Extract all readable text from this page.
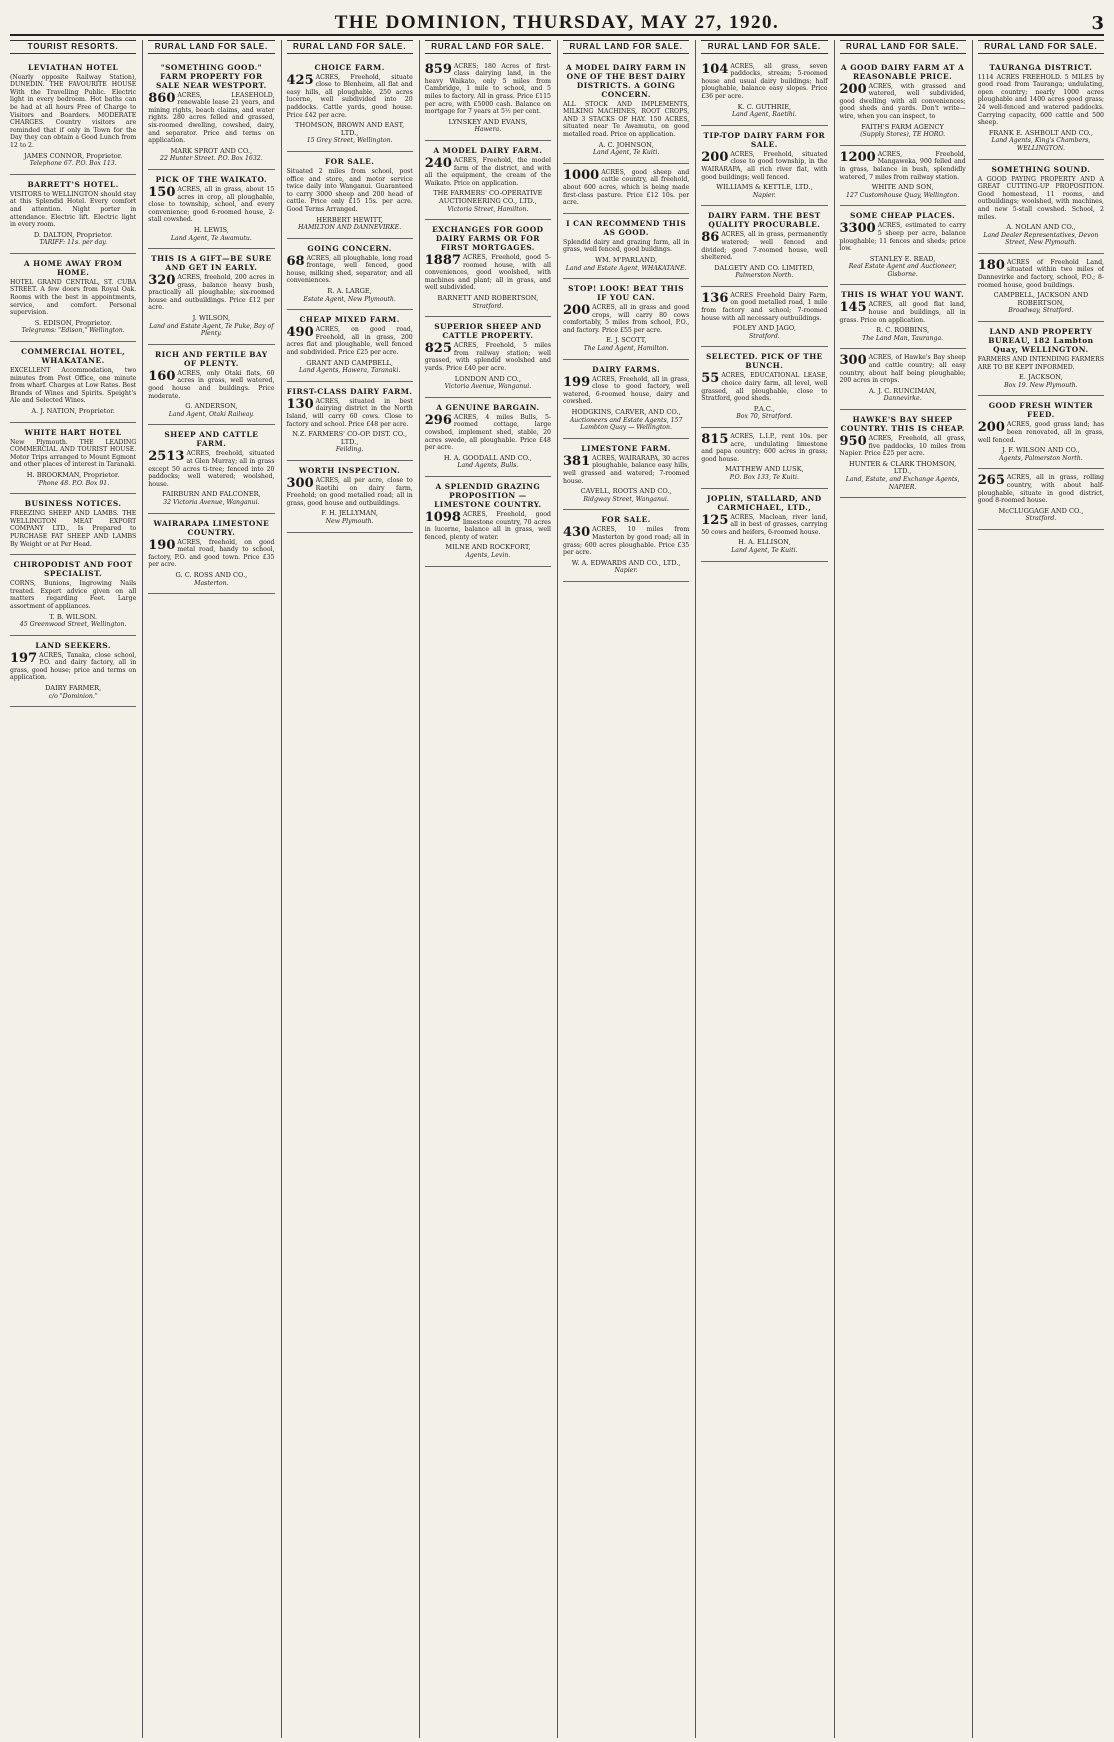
THE DOMINION, THURSDAY, MAY 27, 1920.	3
TOURIST RESORTS.
LEVIATHAN HOTEL
(Nearly opposite Railway Station), DUNEDIN. THE FAVOURITE HOUSE With the Travelling Public. Electric light in every bedroom. Hot baths can be had at all hours Free of Charge to Visitors and Boarders. MODERATE CHARGES. Country visitors are reminded that if only in Town for the Day they can obtain a Good Lunch from 12 to 2.
JAMES CONNOR, Proprietor.
Telephone 67. P.O. Box 113.
BARRETT'S HOTEL.
VISITORS to WELLINGTON should stay at this Splendid Hotel. Every comfort and attention. Night porter in attendance. Electric lift. Electric light in every room.
D. DALTON, Proprietor.
TARIFF: 11s. per day.
A HOME AWAY FROM HOME.
HOTEL GRAND CENTRAL, ST. CUBA STREET. A few doors from Royal Oak. Rooms with the best in appointments, service, and comfort. Personal supervision.
S. EDISON, Proprietor.
Telegrams: "Edison," Wellington.
COMMERCIAL HOTEL, WHAKATANE.
EXCELLENT Accommodation, two minutes from Post Office, one minute from wharf. Charges at Low Rates. Best Brands of Wines and Spirits. Speight's Ale and Selected Wines.
A. J. NATION, Proprietor.
WHITE HART HOTEL
New Plymouth. THE LEADING COMMERCIAL AND TOURIST HOUSE. Motor Trips arranged to Mount Egmont and other places of interest in Taranaki.
H. BROOKMAN, Proprietor.
'Phone 48. P.O. Box 91.
BUSINESS NOTICES.
FREEZING SHEEP AND LAMBS. THE WELLINGTON MEAT EXPORT COMPANY LTD., Is Prepared to PURCHASE FAT SHEEP AND LAMBS By Weight or at Per Head.
CHIROPODIST AND FOOT SPECIALIST.
CORNS, Bunions, Ingrowing Nails treated. Expert advice given on all matters regarding Feet. Large assortment of appliances.
T. B. WILSON.
45 Greenwood Street, Wellington.
LAND SEEKERS.
197 ACRES, Tanaka, close school, P.O. and dairy factory, all in grass, good house; price and terms on application.
DAIRY FARMER,
c/o "Dominion."
RURAL LAND FOR SALE.
"SOMETHING GOOD." FARM PROPERTY FOR SALE NEAR WESTPORT.
860 ACRES, LEASEHOLD, renewable lease 21 years, and mining rights, beach claims, and water rights. 280 acres felled and grassed, six-roomed dwelling, cowshed, dairy, and separator. Price and terms on application.
MARK SPROT AND CO.,
22 Hunter Street. P.O. Box 1632.
PICK OF THE WAIKATO.
150 ACRES, all in grass, about 15 acres in crop, all ploughable, close to township, school, and every convenience; good 6-roomed house, 2-stall cowshed.
H. LEWIS,
Land Agent, Te Awamutu.
THIS IS A GIFT—BE SURE AND GET IN EARLY.
320 ACRES, freehold, 200 acres in grass, balance heavy bush, practically all ploughable; six-roomed house and outbuildings. Price £12 per acre.
J. WILSON,
Land and Estate Agent, Te Puke, Bay of Plenty.
RICH AND FERTILE BAY OF PLENTY.
160 ACRES, only Otaki flats, 60 acres in grass, well watered, good house and buildings. Price moderate.
G. ANDERSON,
Land Agent, Otaki Railway.
SHEEP AND CATTLE FARM.
2513 ACRES, freehold, situated at Glen Murray; all in grass except 50 acres ti-tree; fenced into 20 paddocks; well watered; woolshed, house.
FAIRBURN AND FALCONER,
32 Victoria Avenue, Wanganui.
WAIRARAPA LIMESTONE COUNTRY.
190 ACRES, freehold, on good metal road, handy to school, factory, P.O. and good town. Price £35 per acre.
G. C. ROSS AND CO.,
Masterton.
RURAL LAND FOR SALE.
CHOICE FARM.
425 ACRES, Freehold, situate close to Blenheim, all flat and easy hills, all ploughable, 250 acres lucerne, well subdivided into 20 paddocks. Cattle yards, good house. Price £42 per acre.
THOMSON, BROWN AND EAST, LTD.,
15 Grey Street, Wellington.
FOR SALE.
Situated 2 miles from school, post office and store, and motor service twice daily into Wanganui. Guaranteed to carry 3000 sheep and 200 head of cattle. Price only £15 15s. per acre. Good Terms Arranged.
HERBERT HEWITT,
HAMILTON AND DANNEVIRKE.
GOING CONCERN.
68 ACRES, all ploughable, long road frontage, well fenced, good house, milking shed, separator, and all conveniences.
R. A. LARGE,
Estate Agent, New Plymouth.
CHEAP MIXED FARM.
490 ACRES, on good road, Freehold, all in grass, 200 acres flat and ploughable, well fenced and subdivided. Price £25 per acre.
GRANT AND CAMPBELL,
Land Agents, Hawera, Taranaki.
FIRST-CLASS DAIRY FARM.
130 ACRES, situated in best dairying district in the North Island, will carry 60 cows. Close to factory and school. Price £48 per acre.
N.Z. FARMERS' CO-OP. DIST. CO., LTD.,
Feilding.
WORTH INSPECTION.
300 ACRES, all per acre, close to Raetihi on dairy farm, Freehold; on good metalled road; all in grass, good house and outbuildings.
F. H. JELLYMAN,
New Plymouth.
RURAL LAND FOR SALE.
859 ACRES; 180 Acres of first-class dairying land, in the heavy Waikato, only 5 miles from Cambridge, 1 mile to school, and 5 miles to factory. All in grass. Price £115 per acre, with £5000 cash. Balance on mortgage for 7 years at 5½ per cent.
LYNSKEY AND EVANS,
Hawera.
A MODEL DAIRY FARM.
240 ACRES, Freehold, the model farm of the district, and with all the equipment, the cream of the Waikato. Price on application.
THE FARMERS' CO-OPERATIVE AUCTIONEERING CO., LTD.,
Victoria Street, Hamilton.
EXCHANGES FOR GOOD DAIRY FARMS OR FOR FIRST MORTGAGES.
1887 ACRES, Freehold, good 5-roomed house, with all conveniences, good woolshed, with machines and plant; all in grass, and well subdivided.
BARNETT AND ROBERTSON,
Stratford.
SUPERIOR SHEEP AND CATTLE PROPERTY.
825 ACRES, Freehold, 5 miles from railway station; well grassed, with splendid woolshed and yards. Price £40 per acre.
LONDON AND CO.,
Victoria Avenue, Wanganui.
A GENUINE BARGAIN.
296 ACRES, 4 miles Bulls, 5-roomed cottage, large cowshed, implement shed, stable, 20 acres swede, all ploughable. Price £48 per acre.
H. A. GOODALL AND CO.,
Land Agents, Bulls.
A SPLENDID GRAZING PROPOSITION —LIMESTONE COUNTRY.
1098 ACRES, Freehold, good limestone country, 70 acres in lucerne, balance all in grass, well fenced, plenty of water.
MILNE AND ROCKFORT,
Agents, Levin.
RURAL LAND FOR SALE.
A MODEL DAIRY FARM IN ONE OF THE BEST DAIRY DISTRICTS. A GOING CONCERN.
ALL STOCK AND IMPLEMENTS, MILKING MACHINES, ROOT CROPS, AND 3 STACKS OF HAY. 150 ACRES, situated near Te Awamutu, on good metalled road. Price on application.
A. C. JOHNSON,
Land Agent, Te Kuiti.
1000 ACRES, good sheep and cattle country, all freehold, about 600 acres, which is being made first-class pasture. Price £12 10s. per acre.
I CAN RECOMMEND THIS AS GOOD.
Splendid dairy and grazing farm, all in grass, well fenced, good buildings.
WM. M'PARLAND,
Land and Estate Agent, WHAKATANE.
STOP! LOOK! BEAT THIS IF YOU CAN.
200 ACRES, all in grass and good crops, will carry 80 cows comfortably, 5 miles from school, P.O., and factory. Price £55 per acre.
E. J. SCOTT,
The Land Agent, Hamilton.
DAIRY FARMS.
199 ACRES, Freehold, all in grass, close to good factory, well watered, 6-roomed house, dairy and cowshed.
HODGKINS, CARVER, AND CO.,
Auctioneers and Estate Agents, 157 Lambton Quay — Wellington.
LIMESTONE FARM.
381 ACRES, WAIRARAPA, 30 acres ploughable, balance easy hills, well grassed and watered; 7-roomed house.
CAVELL, ROOTS AND CO.,
Ridgway Street, Wanganui.
FOR SALE.
430 ACRES, 10 miles from Masterton by good road; all in grass; 600 acres ploughable. Price £35 per acre.
W. A. EDWARDS AND CO., LTD.,
Napier.
RURAL LAND FOR SALE.
104 ACRES, all grass, seven paddocks, stream; 5-roomed house and usual dairy buildings; half ploughable, balance easy slopes. Price £36 per acre.
K. C. GUTHRIE,
Land Agent, Raetihi.
TIP-TOP DAIRY FARM FOR SALE.
200 ACRES, Freehold, situated close to good township, in the WAIRARAPA, all rich river flat, with good buildings; well fenced.
WILLIAMS & KETTLE, LTD.,
Napier.
DAIRY FARM. THE BEST QUALITY PROCURABLE.
86 ACRES, all in grass, permanently watered; well fenced and divided; good 7-roomed house, well sheltered.
DALGETY AND CO. LIMITED,
Palmerston North.
136 ACRES Freehold Dairy Farm, on good metalled road, 1 mile from factory and school; 7-roomed house with all necessary outbuildings.
FOLEY AND JAGO,
Stratford.
SELECTED. PICK OF THE BUNCH.
55 ACRES, EDUCATIONAL LEASE, choice dairy farm, all level, well grassed, all ploughable, close to Stratford, good sheds.
P.A.C.,
Box 70, Stratford.
815 ACRES, L.I.P., rent 10s. per acre, undulating limestone and papa country; 600 acres in grass; good house.
MATTHEW AND LUSK,
P.O. Box 133, Te Kuiti.
JOPLIN, STALLARD, AND CARMICHAEL, LTD.,
125 ACRES, Maclean, river land, all in best of grasses, carrying 50 cows and heifers, 6-roomed house.
H. A. ELLISON,
Land Agent, Te Kuiti.
RURAL LAND FOR SALE.
A GOOD DAIRY FARM AT A REASONABLE PRICE.
200 ACRES, with grassed and watered, well subdivided, good dwelling with all conveniences; good sheds and yards. Don't write—wire, when you can inspect, to
FAITH'S FARM AGENCY
(Supply Stores), TE HORO.
1200 ACRES, Freehold, Mangaweka, 900 felled and in grass, balance in bush, splendidly watered, 7 miles from railway station.
WHITE AND SON,
127 Customhouse Quay, Wellington.
SOME CHEAP PLACES.
3300 ACRES, estimated to carry 5 sheep per acre, balance ploughable; 11 fences and sheds; price low.
STANLEY E. READ,
Real Estate Agent and Auctioneer, Gisborne.
THIS IS WHAT YOU WANT.
145 ACRES, all good flat land, house and buildings, all in grass. Price on application.
R. C. ROBBINS,
The Land Man, Tauranga.
300 ACRES, of Hawke's Bay sheep and cattle country; all easy country, about half being ploughable; 200 acres in crops.
A. J. C. RUNCIMAN,
Dannevirke.
HAWKE'S BAY SHEEP COUNTRY. THIS IS CHEAP.
950 ACRES, Freehold, all grass, five paddocks, 10 miles from Napier. Price £25 per acre.
HUNTER & CLARK THOMSON, LTD.,
Land, Estate, and Exchange Agents, NAPIER.
RURAL LAND FOR SALE.
TAURANGA DISTRICT.
1114 ACRES FREEHOLD. 5 MILES by good road from Tauranga; undulating, open country; nearly 1000 acres ploughable and 1400 acres good grass; 24 well-fenced and watered paddocks. Carrying capacity, 600 cattle and 500 sheep.
FRANK E. ASHBOLT AND CO.,
Land Agents, King's Chambers, WELLINGTON.
SOMETHING SOUND.
A GOOD PAYING PROPERTY AND A GREAT CUTTING-UP PROPOSITION. Good homestead, 11 rooms, and outbuildings; woolshed, with machines, and new 5-stall cowshed. School, 2 miles.
A. NOLAN AND CO.,
Land Dealer Representatives, Devon Street, New Plymouth.
180 ACRES of Freehold Land, situated within two miles of Dannevirke and factory, school, P.O.; 8-roomed house, good buildings.
CAMPBELL, JACKSON AND ROBERTSON,
Broadway, Stratford.
LAND AND PROPERTY BUREAU, 182 Lambton Quay, WELLINGTON.
FARMERS AND INTENDING FARMERS ARE TO BE KEPT INFORMED.
E. JACKSON,
Box 19. New Plymouth.
GOOD FRESH WINTER FEED.
200 ACRES, good grass land; has been renovated, all in grass, well fenced.
J. F. WILSON AND CO.,
Agents, Palmerston North.
265 ACRES, all in grass, rolling country, with about half-ploughable, situate in good district, good 8-roomed house.
McCLUGGAGE AND CO.,
Stratford.
